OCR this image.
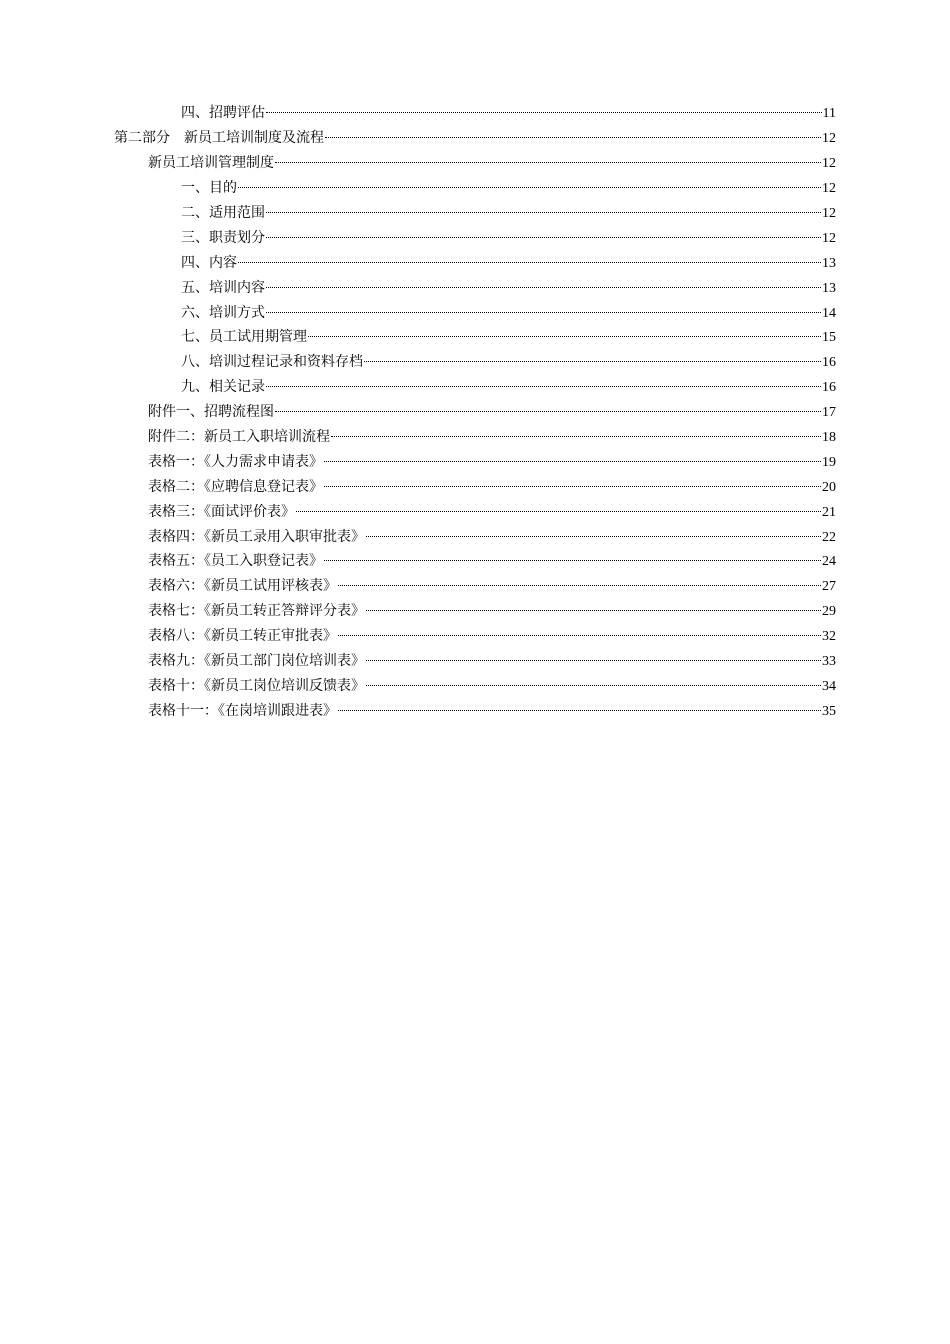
四、招聘评估	11
第二部分　新员工培训制度及流程	12
新员工培训管理制度	12
一、目的	12
二、适用范围	12
三、职责划分	12
四、内容	13
五、培训内容	13
六、培训方式	14
七、员工试用期管理	15
八、培训过程记录和资料存档	16
九、相关记录	16
附件一、招聘流程图	17
附件二：新员工入职培训流程	18
表格一：《人力需求申请表》	19
表格二：《应聘信息登记表》	20
表格三：《面试评价表》	21
表格四：《新员工录用入职审批表》	22
表格五：《员工入职登记表》	24
表格六：《新员工试用评核表》	27
表格七：《新员工转正答辩评分表》	29
表格八：《新员工转正审批表》	32
表格九：《新员工部门岗位培训表》	33
表格十：《新员工岗位培训反馈表》	34
表格十一：《在岗培训跟进表》	35
